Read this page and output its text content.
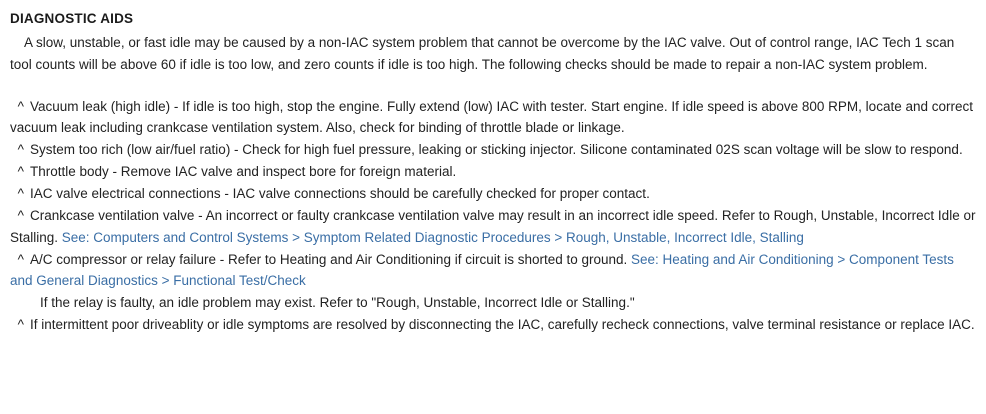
DIAGNOSTIC AIDS

A slow, unstable, or fast idle may be caused by a non-IAC system problem that cannot be overcome by the IAC valve. Out of control range, IAC Tech 1 scan tool counts will be above 60 if idle is too low, and zero counts if idle is too high. The following checks should be made to repair a non-IAC system problem.

^ Vacuum leak (high idle) - If idle is too high, stop the engine. Fully extend (low) IAC with tester. Start engine. If idle speed is above 800 RPM, locate and correct vacuum leak including crankcase ventilation system. Also, check for binding of throttle blade or linkage.

^ System too rich (low air/fuel ratio) - Check for high fuel pressure, leaking or sticking injector. Silicone contaminated 02S scan voltage will be slow to respond.

^ Throttle body - Remove IAC valve and inspect bore for foreign material.

^ IAC valve electrical connections - IAC valve connections should be carefully checked for proper contact.

^ Crankcase ventilation valve - An incorrect or faulty crankcase ventilation valve may result in an incorrect idle speed. Refer to Rough, Unstable, Incorrect Idle or Stalling. See: Computers and Control Systems > Symptom Related Diagnostic Procedures > Rough, Unstable, Incorrect Idle, Stalling

^ A/C compressor or relay failure - Refer to Heating and Air Conditioning if circuit is shorted to ground. See: Heating and Air Conditioning > Component Tests and General Diagnostics > Functional Test/Check

If the relay is faulty, an idle problem may exist. Refer to "Rough, Unstable, Incorrect Idle or Stalling."

^ If intermittent poor driveablity or idle symptoms are resolved by disconnecting the IAC, carefully recheck connections, valve terminal resistance or replace IAC.
